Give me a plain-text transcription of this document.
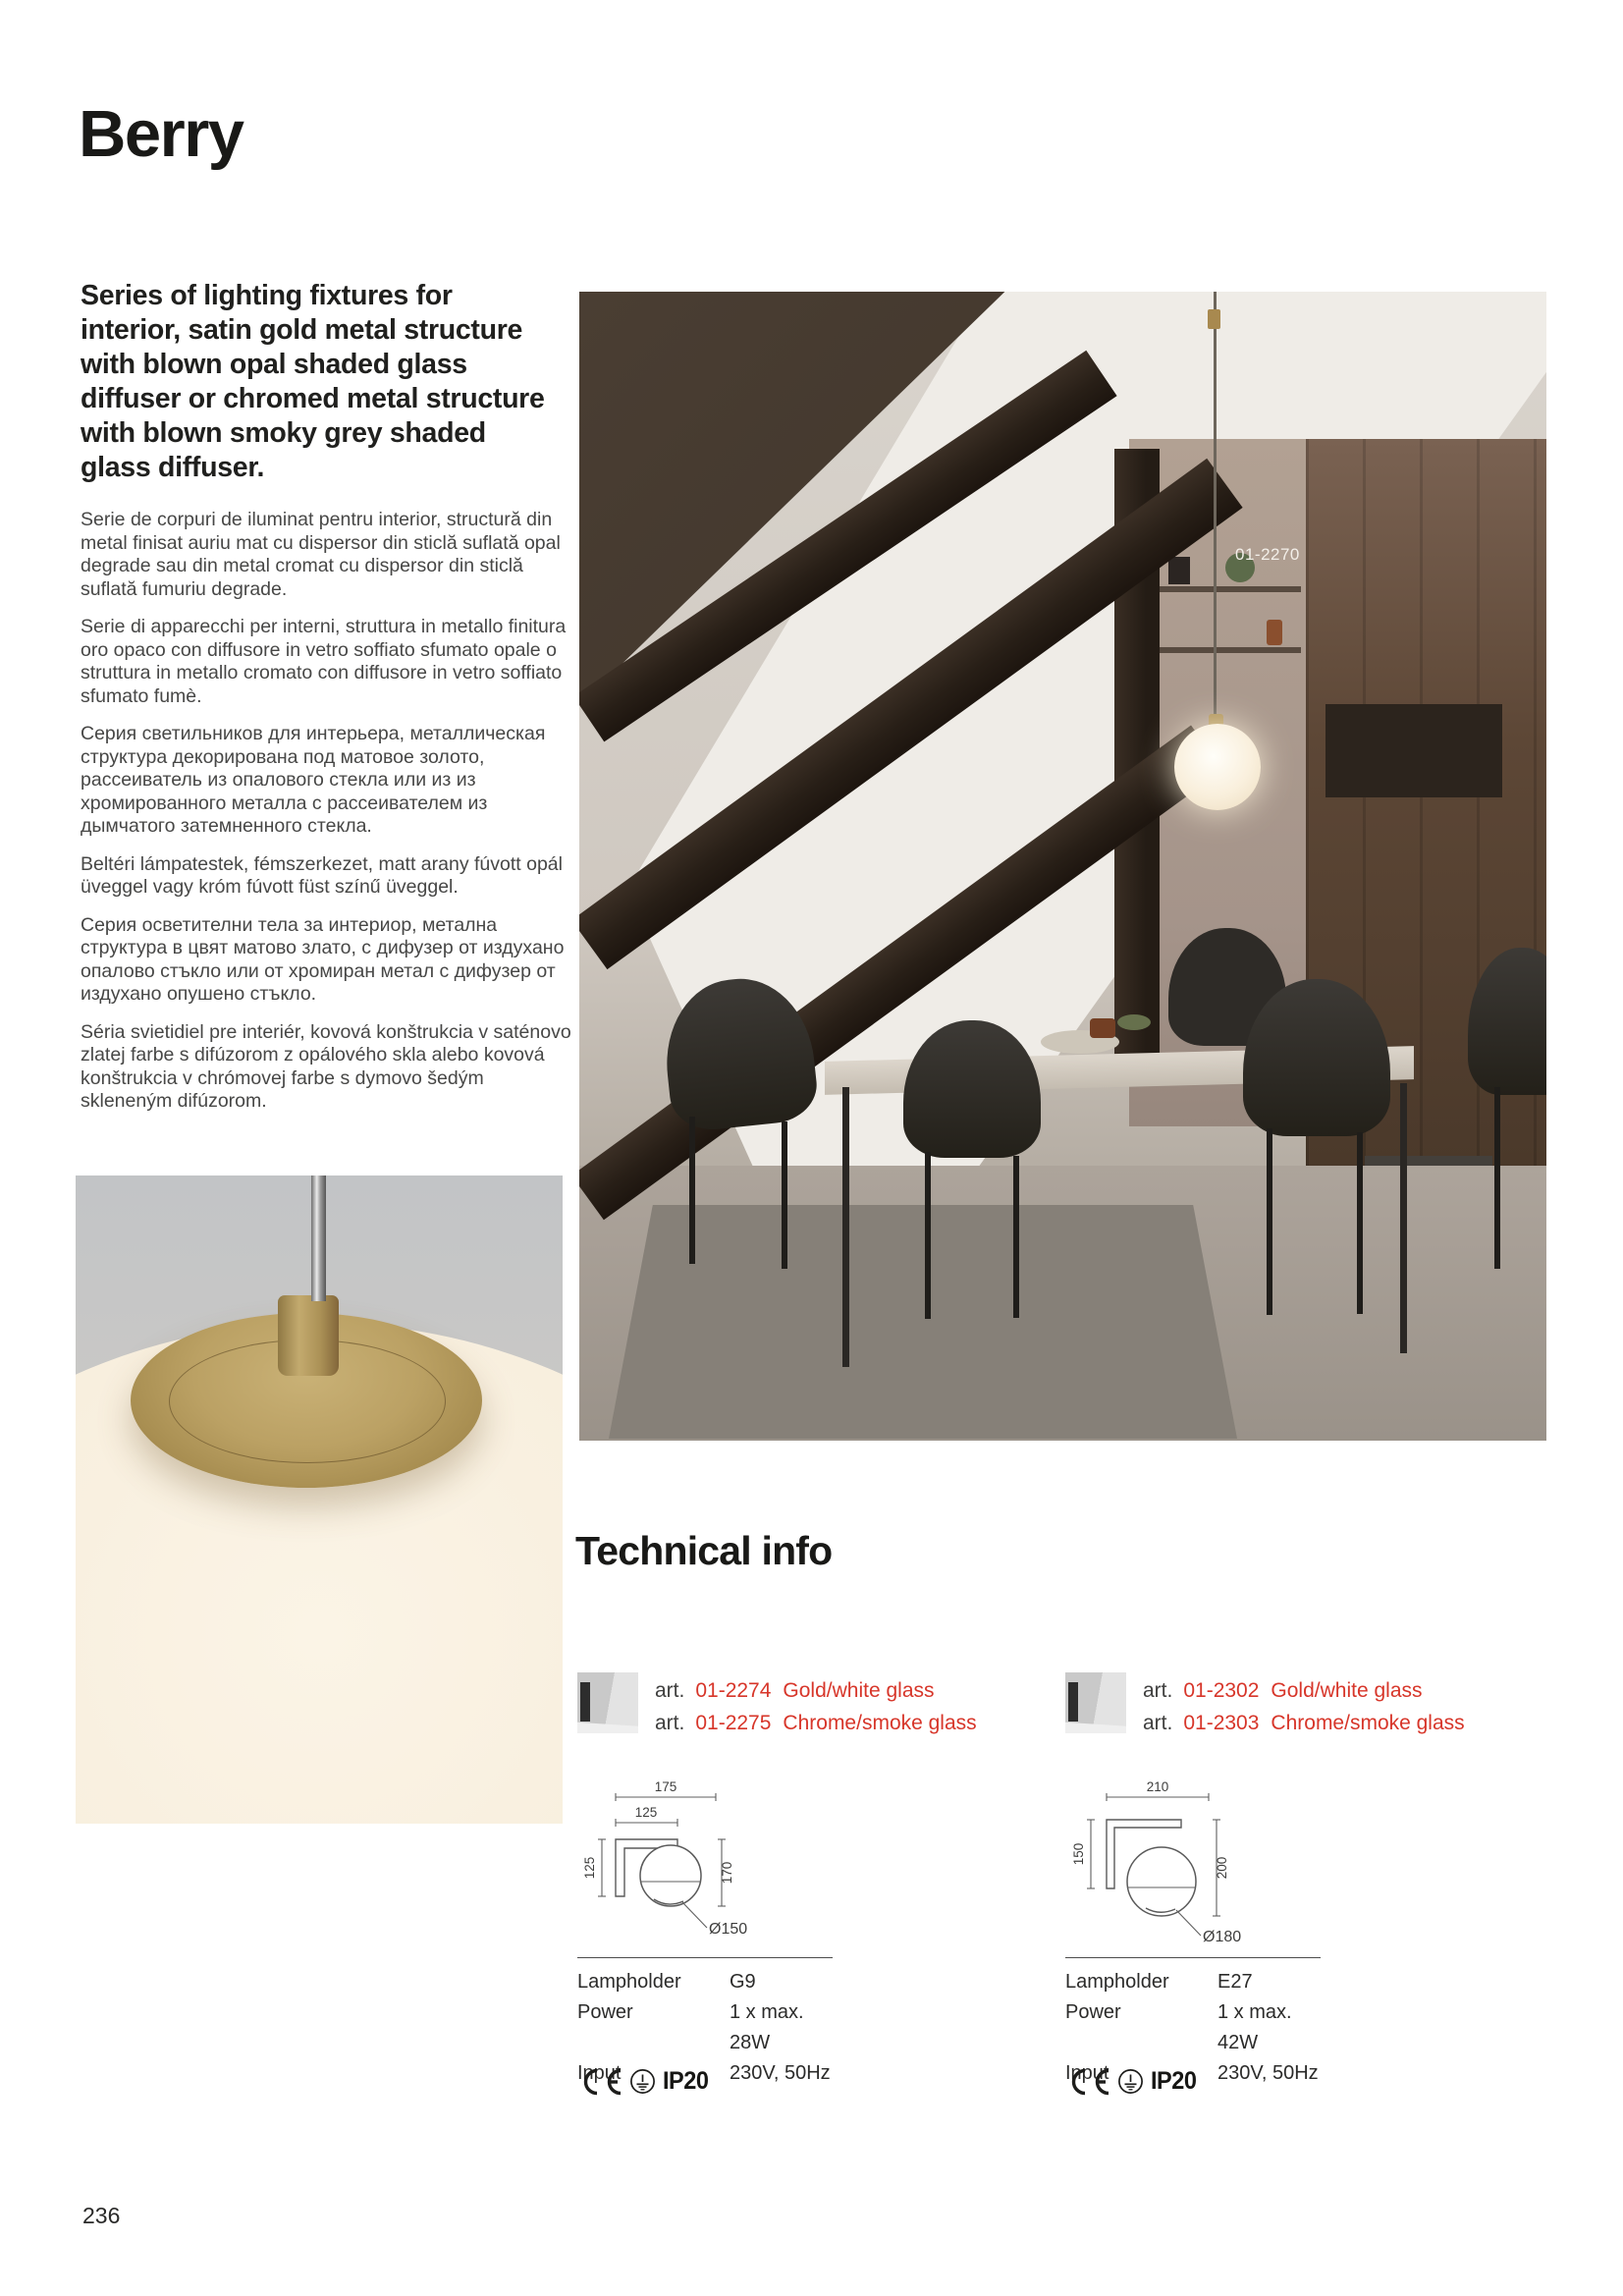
Berry

Series of lighting fixtures for interior, satin gold metal structure with blown opal shaded glass diffuser or chromed metal structure with blown smoky grey shaded glass diffuser.

Serie de corpuri de iluminat pentru interior, structură din metal finisat auriu mat cu dispersor din sticlă suflată opal degrade sau din metal cromat cu dispersor din sticlă suflată fumuriu degrade.

Serie di apparecchi per interni, struttura in metallo finitura oro opaco con diffusore in vetro soffiato sfumato opale o struttura in metallo cromato con diffusore in vetro soffiato sfumato fumè.

Серия светильников для интерьера, металлическая структура декорирована под матовое золото, рассеиватель из опалового стекла или из из хромированного металла с рассеивателем из дымчатого затемненного стекла.

Beltéri lámpatestek, fémszerkezet, matt arany fúvott opál üveggel vagy króm fúvott füst színű üveggel.

Серия осветителни тела за интериор, метална структура в цвят матово злато, с дифузер от издухано опалово стъкло или от хромиран метал с дифузер от издухано опушено стъкло.

Séria svietidiel pre interiér, kovová konštrukcia v saténovo zlatej farbe s difúzorom z opálového skla alebo kovová konštrukcia v chrómovej farbe s dymovo šedým skleneným difúzorom.

01-2270
Technical info
art. 01-2274 Gold/white glass
art. 01-2275 Chrome/smoke glass
175
125
125	170
Ø150
Lampholder	G9
Power	1 x max. 28W
Input	230V, 50Hz
IP20
art. 01-2302 Gold/white glass
art. 01-2303 Chrome/smoke glass
210
150
200
Ø180
Lampholder	E27
Power	1 x max. 42W
Input	230V, 50Hz
IP20
236
